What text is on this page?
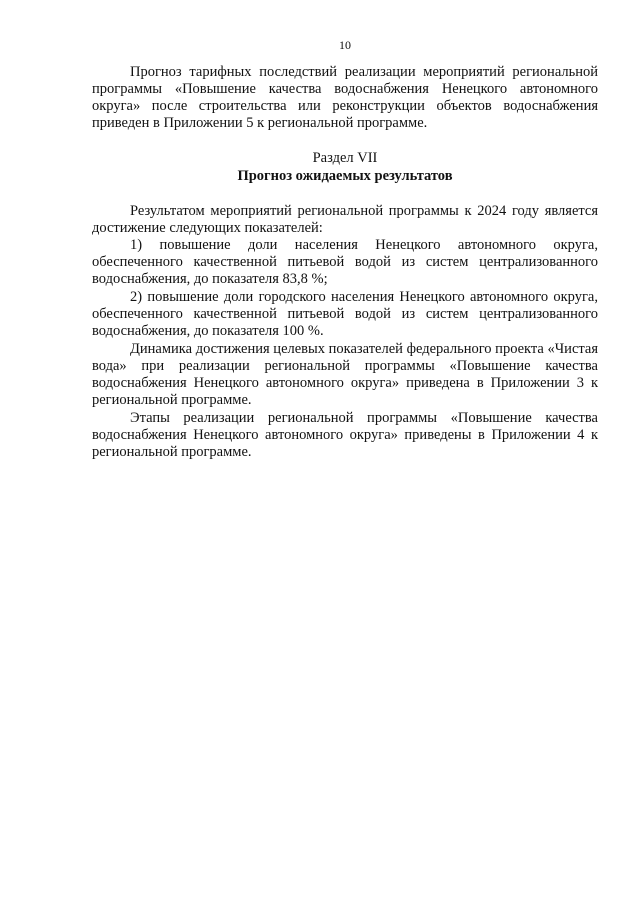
10

Прогноз тарифных последствий реализации мероприятий региональной программы «Повышение качества водоснабжения Ненецкого автономного округа» после строительства или реконструкции объектов водоснабжения приведен в Приложении 5 к региональной программе.

Раздел VII
Прогноз ожидаемых результатов

Результатом мероприятий региональной программы к 2024 году является достижение следующих показателей:

1) повышение доли населения Ненецкого автономного округа, обеспеченного качественной питьевой водой из систем централизованного водоснабжения, до показателя 83,8 %;

2) повышение доли городского населения Ненецкого автономного округа, обеспеченного качественной питьевой водой из систем централизованного водоснабжения, до показателя 100 %.

Динамика достижения целевых показателей федерального проекта «Чистая вода» при реализации региональной программы «Повышение качества водоснабжения Ненецкого автономного округа» приведена в Приложении 3 к региональной программе.

Этапы реализации региональной программы «Повышение качества водоснабжения Ненецкого автономного округа» приведены в Приложении 4 к региональной программе.
